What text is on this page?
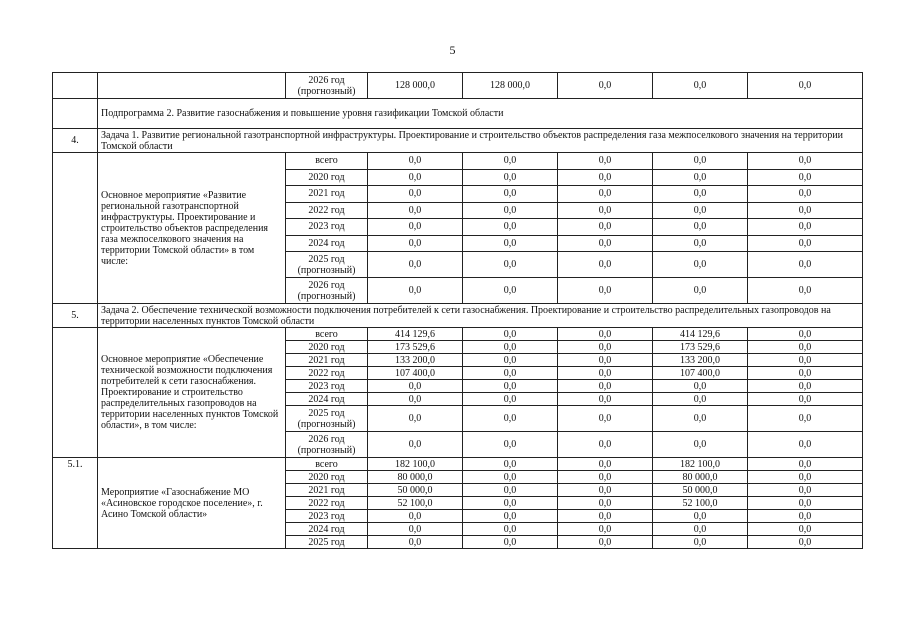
5
		2026 год (прогнозный)	128 000,0	128 000,0	0,0	0,0	0,0
	Подпрограмма 2. Развитие газоснабжения и повышение уровня газификации Томской области						
4.	Задача 1. Развитие региональной газотранспортной инфраструктуры. Проектирование и строительство объектов распределения газа межпоселкового значения на территории Томской области						
	Основное мероприятие «Развитие региональной газотранспортной инфраструктуры. Проектирование и строительство объектов распределения газа межпоселкового значения на территории Томской области» в том числе:	всего	0,0	0,0	0,0	0,0	0,0
		2020 год	0,0	0,0	0,0	0,0	0,0
		2021 год	0,0	0,0	0,0	0,0	0,0
		2022 год	0,0	0,0	0,0	0,0	0,0
		2023 год	0,0	0,0	0,0	0,0	0,0
		2024 год	0,0	0,0	0,0	0,0	0,0
		2025 год (прогнозный)	0,0	0,0	0,0	0,0	0,0
		2026 год (прогнозный)	0,0	0,0	0,0	0,0	0,0
5.	Задача 2. Обеспечение технической возможности подключения потребителей к сети газоснабжения. Проектирование и строительство распределительных газопроводов на территории населенных пунктов Томской области						
	Основное мероприятие «Обеспечение технической возможности подключения потребителей к сети газоснабжения. Проектирование и строительство распределительных газопроводов на территории населенных пунктов Томской области», в том числе:	всего	414 129,6	0,0	0,0	414 129,6	0,0
		2020 год	173 529,6	0,0	0,0	173 529,6	0,0
		2021 год	133 200,0	0,0	0,0	133 200,0	0,0
		2022 год	107 400,0	0,0	0,0	107 400,0	0,0
		2023 год	0,0	0,0	0,0	0,0	0,0
		2024 год	0,0	0,0	0,0	0,0	0,0
		2025 год (прогнозный)	0,0	0,0	0,0	0,0	0,0
		2026 год (прогнозный)	0,0	0,0	0,0	0,0	0,0
5.1.	Мероприятие «Газоснабжение МО «Асиновское городское поселение», г. Асино Томской области»	всего	182 100,0	0,0	0,0	182 100,0	0,0
		2020 год	80 000,0	0,0	0,0	80 000,0	0,0
		2021 год	50 000,0	0,0	0,0	50 000,0	0,0
		2022 год	52 100,0	0,0	0,0	52 100,0	0,0
		2023 год	0,0	0,0	0,0	0,0	0,0
		2024 год	0,0	0,0	0,0	0,0	0,0
		2025 год	0,0	0,0	0,0	0,0	0,0
